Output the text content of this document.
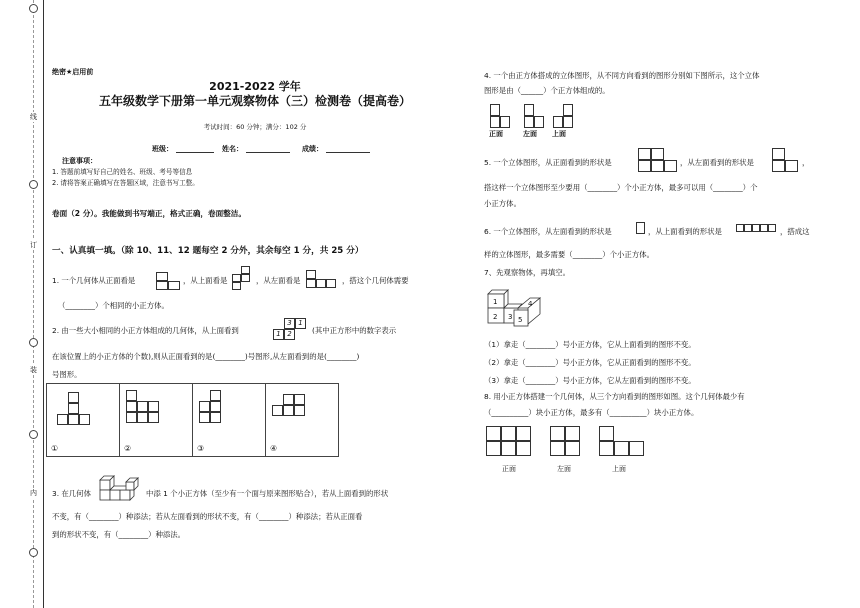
线
订
装
内
绝密★启用前
2021-2022 学年
五年级数学下册第一单元观察物体（三）检测卷（提高卷）
考试时间：60 分钟；满分：102 分
班级：	姓名：	成绩：
注意事项：
1. 答题前填写好自己的姓名、班级、考号等信息
2. 请将答案正确填写在答题区域，注意书写工整。
卷面（2 分）。我能做到书写端正，格式正确，卷面整洁。
一、认真填一填。（除 10、11、12 题每空 2 分外，其余每空 1 分，共 25 分）
1. 一个几何体从正面看是	，从上面看是	，从左面看是	，搭这个几何体需要
（________）个相同的小正方体。
2. 由一些大小相同的小正方体组成的几何体，从上面看到
3 1
1 2	(其中正方形中的数字表示
在该位置上的小正方体的个数),则从正面看到的是(________)号图形,从左面看到的是(________)
号图形。
①	②	③	④
3. 在几何体	中添 1 个小正方体（至少有一个面与原来图形贴合），若从上面看到的形状
不变，有（________）种添法；若从左面看到的形状不变，有（________）种添法；若从正面看
到的形状不变，有（________）种添法。
4. 一个由正方体搭成的立体图形，从不同方向看到的图形分别如下图所示，这个立体
图形是由（______）个正方体组成的。
正面	左面 上面
5. 一个立体图形，从正面看到的形状是	，从左面看到的形状是	，
搭这样一个立体图形至少要用（________）个小正方体，最多可以用（________）个
小正方体。
6. 一个立体图形，从左面看到的形状是	，从上面看到的形状是	，搭成这
样的立体图形，最多需要（________）个小正方体。
7、先观察物体，再填空。
1
2 3
4
5
（1）拿走（________）号小正方体，它从上面看到的图形不变。
（2）拿走（________）号小正方体，它从正面看到的图形不变。
（3）拿走（________）号小正方体，它从左面看到的图形不变。
8. 用小正方体搭建一个几何体，从三个方向看到的图形如图。这个几何体最少有
（__________）块小正方体，最多有（__________）块小正方体。
正面	左面	上面
